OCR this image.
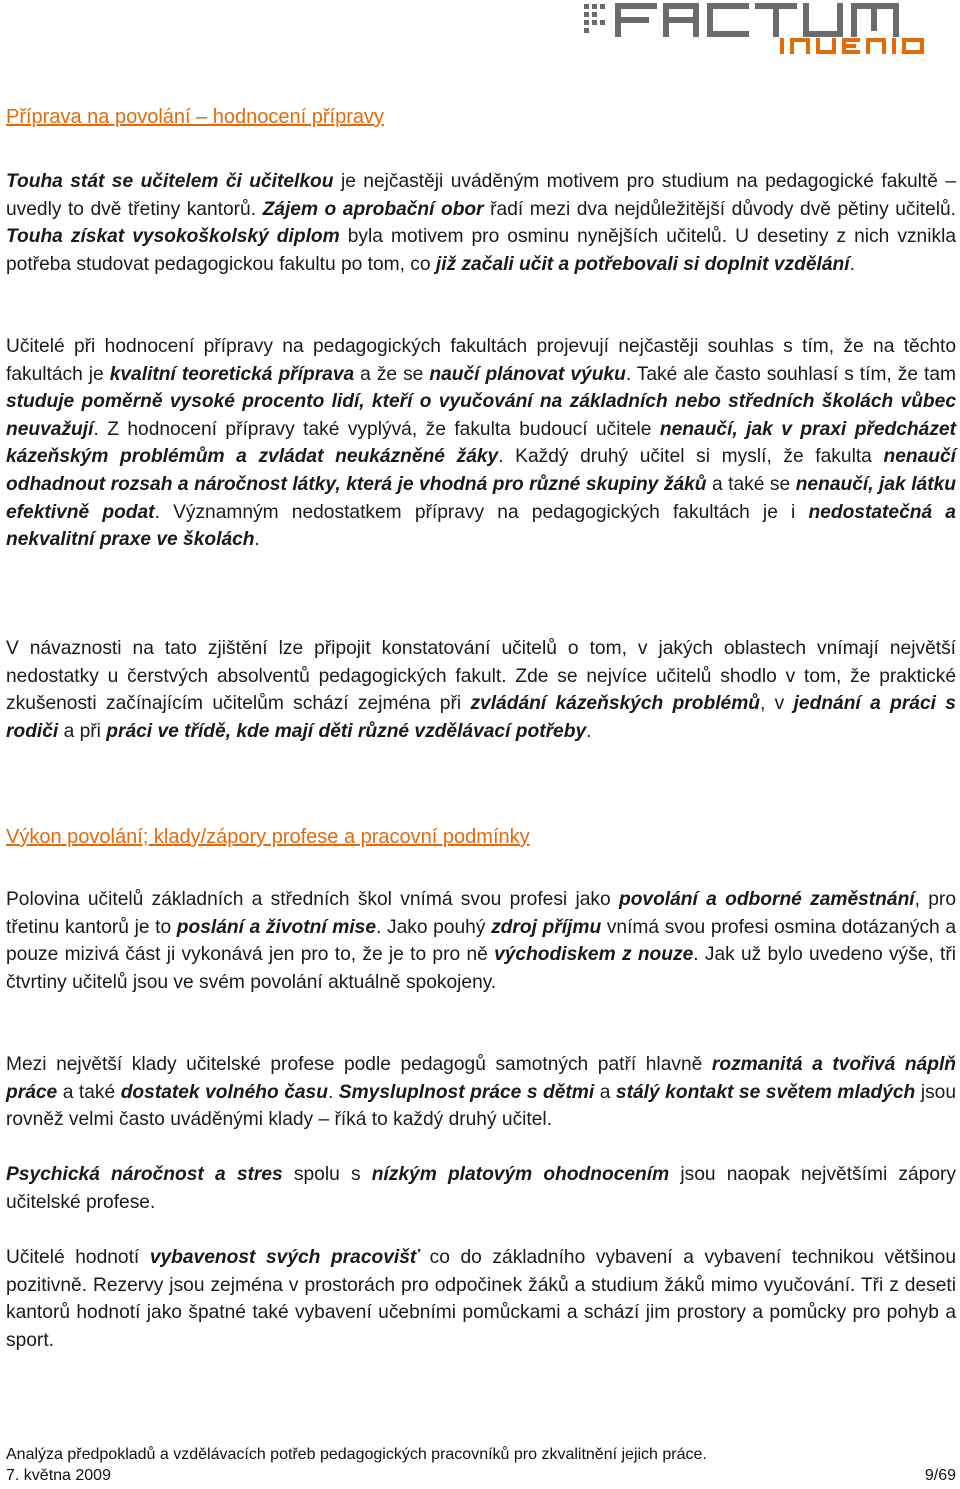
Příprava na povolání – hodnocení přípravy

Touha stát se učitelem či učitelkou je nejčastěji uváděným motivem pro studium na pedagogické fakultě – uvedly to dvě třetiny kantorů. Zájem o aprobační obor řadí mezi dva nejdůležitější důvody dvě pětiny učitelů. Touha získat vysokoškolský diplom byla motivem pro osminu nynějších učitelů. U desetiny z nich vznikla potřeba studovat pedagogickou fakultu po tom, co již začali učit a potřebovali si doplnit vzdělání.

Učitelé při hodnocení přípravy na pedagogických fakultách projevují nejčastěji souhlas s tím, že na těchto fakultách je kvalitní teoretická příprava a že se naučí plánovat výuku. Také ale často souhlasí s tím, že tam studuje poměrně vysoké procento lidí, kteří o vyučování na základních nebo středních školách vůbec neuvažují. Z hodnocení přípravy také vyplývá, že fakulta budoucí učitele nenaučí, jak v praxi předcházet kázeňským problémům a zvládat neukázněné žáky. Každý druhý učitel si myslí, že fakulta nenaučí odhadnout rozsah a náročnost látky, která je vhodná pro různé skupiny žáků a také se nenaučí, jak látku efektivně podat. Významným nedostatkem přípravy na pedagogických fakultách je i nedostatečná a nekvalitní praxe ve školách.

V návaznosti na tato zjištění lze připojit konstatování učitelů o tom, v jakých oblastech vnímají největší nedostatky u čerstvých absolventů pedagogických fakult. Zde se nejvíce učitelů shodlo v tom, že praktické zkušenosti začínajícím učitelům schází zejména při zvládání kázeňských problémů, v jednání a práci s rodiči a při práci ve třídě, kde mají děti různé vzdělávací potřeby.

Výkon povolání; klady/zápory profese a pracovní podmínky

Polovina učitelů základních a středních škol vnímá svou profesi jako povolání a odborné zaměstnání, pro třetinu kantorů je to poslání a životní mise. Jako pouhý zdroj příjmu vnímá svou profesi osmina dotázaných a pouze mizivá část ji vykonává jen pro to, že je to pro ně východiskem z nouze. Jak už bylo uvedeno výše, tři čtvrtiny učitelů jsou ve svém povolání aktuálně spokojeny.

Mezi největší klady učitelské profese podle pedagogů samotných patří hlavně rozmanitá a tvořivá náplň práce a také dostatek volného času. Smysluplnost práce s dětmi a stálý kontakt se světem mladých jsou rovněž velmi často uváděnými klady – říká to každý druhý učitel.

Psychická náročnost a stres spolu s nízkým platovým ohodnocením jsou naopak největšími zápory učitelské profese.

Učitelé hodnotí vybavenost svých pracovišť co do základního vybavení a vybavení technikou většinou pozitivně. Rezervy jsou zejména v prostorách pro odpočinek žáků a studium žáků mimo vyučování. Tři z deseti kantorů hodnotí jako špatné také vybavení učebními pomůckami a schází jim prostory a pomůcky pro pohyb a sport.

Analýza předpokladů a vzdělávacích potřeb pedagogických pracovníků pro zkvalitnění jejich práce.
7. května 2009	9/69
